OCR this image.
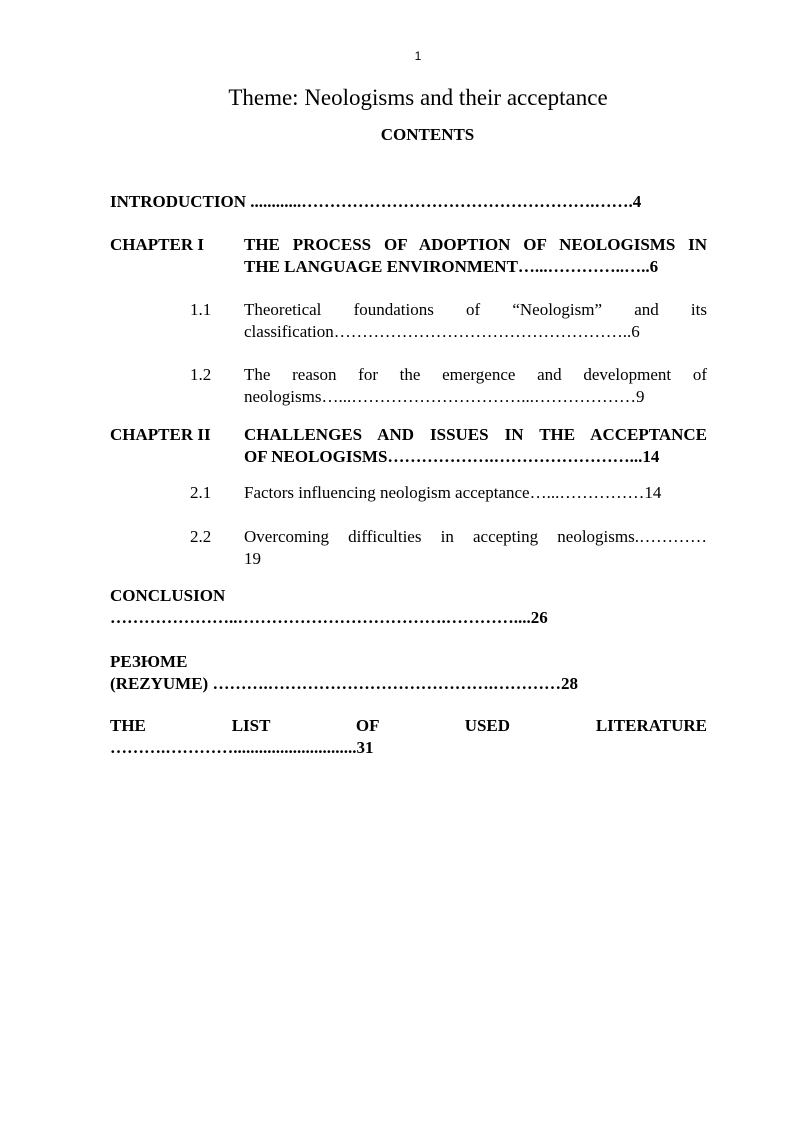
1
Theme: Neologisms and their acceptance
CONTENTS
INTRODUCTION ............…………………………………………….…….4
CHAPTER I THE PROCESS OF ADOPTION OF NEOLOGISMS IN
THE LANGUAGE ENVIRONMENT…...…………..…..6
1.1 Theoretical foundations of “Neologism” and its
classification……………………………………………..6
1.2 The reason for the emergence and development of
neologisms…...…………………………...………………9
CHAPTER II CHALLENGES AND ISSUES IN THE ACCEPTANCE
OF NEOLOGISMS……………….……………………...14
2.1 Factors influencing neologism acceptance…...……………14
2.2 Overcoming difficulties in accepting neologisms.…………
19
CONCLUSION
…………………..……………………………….…………....26
РЕЗЮМЕ
(REZYUME) ……….………………………………….…………28
THE LIST OF USED LITERATURE
……….………….............................31
